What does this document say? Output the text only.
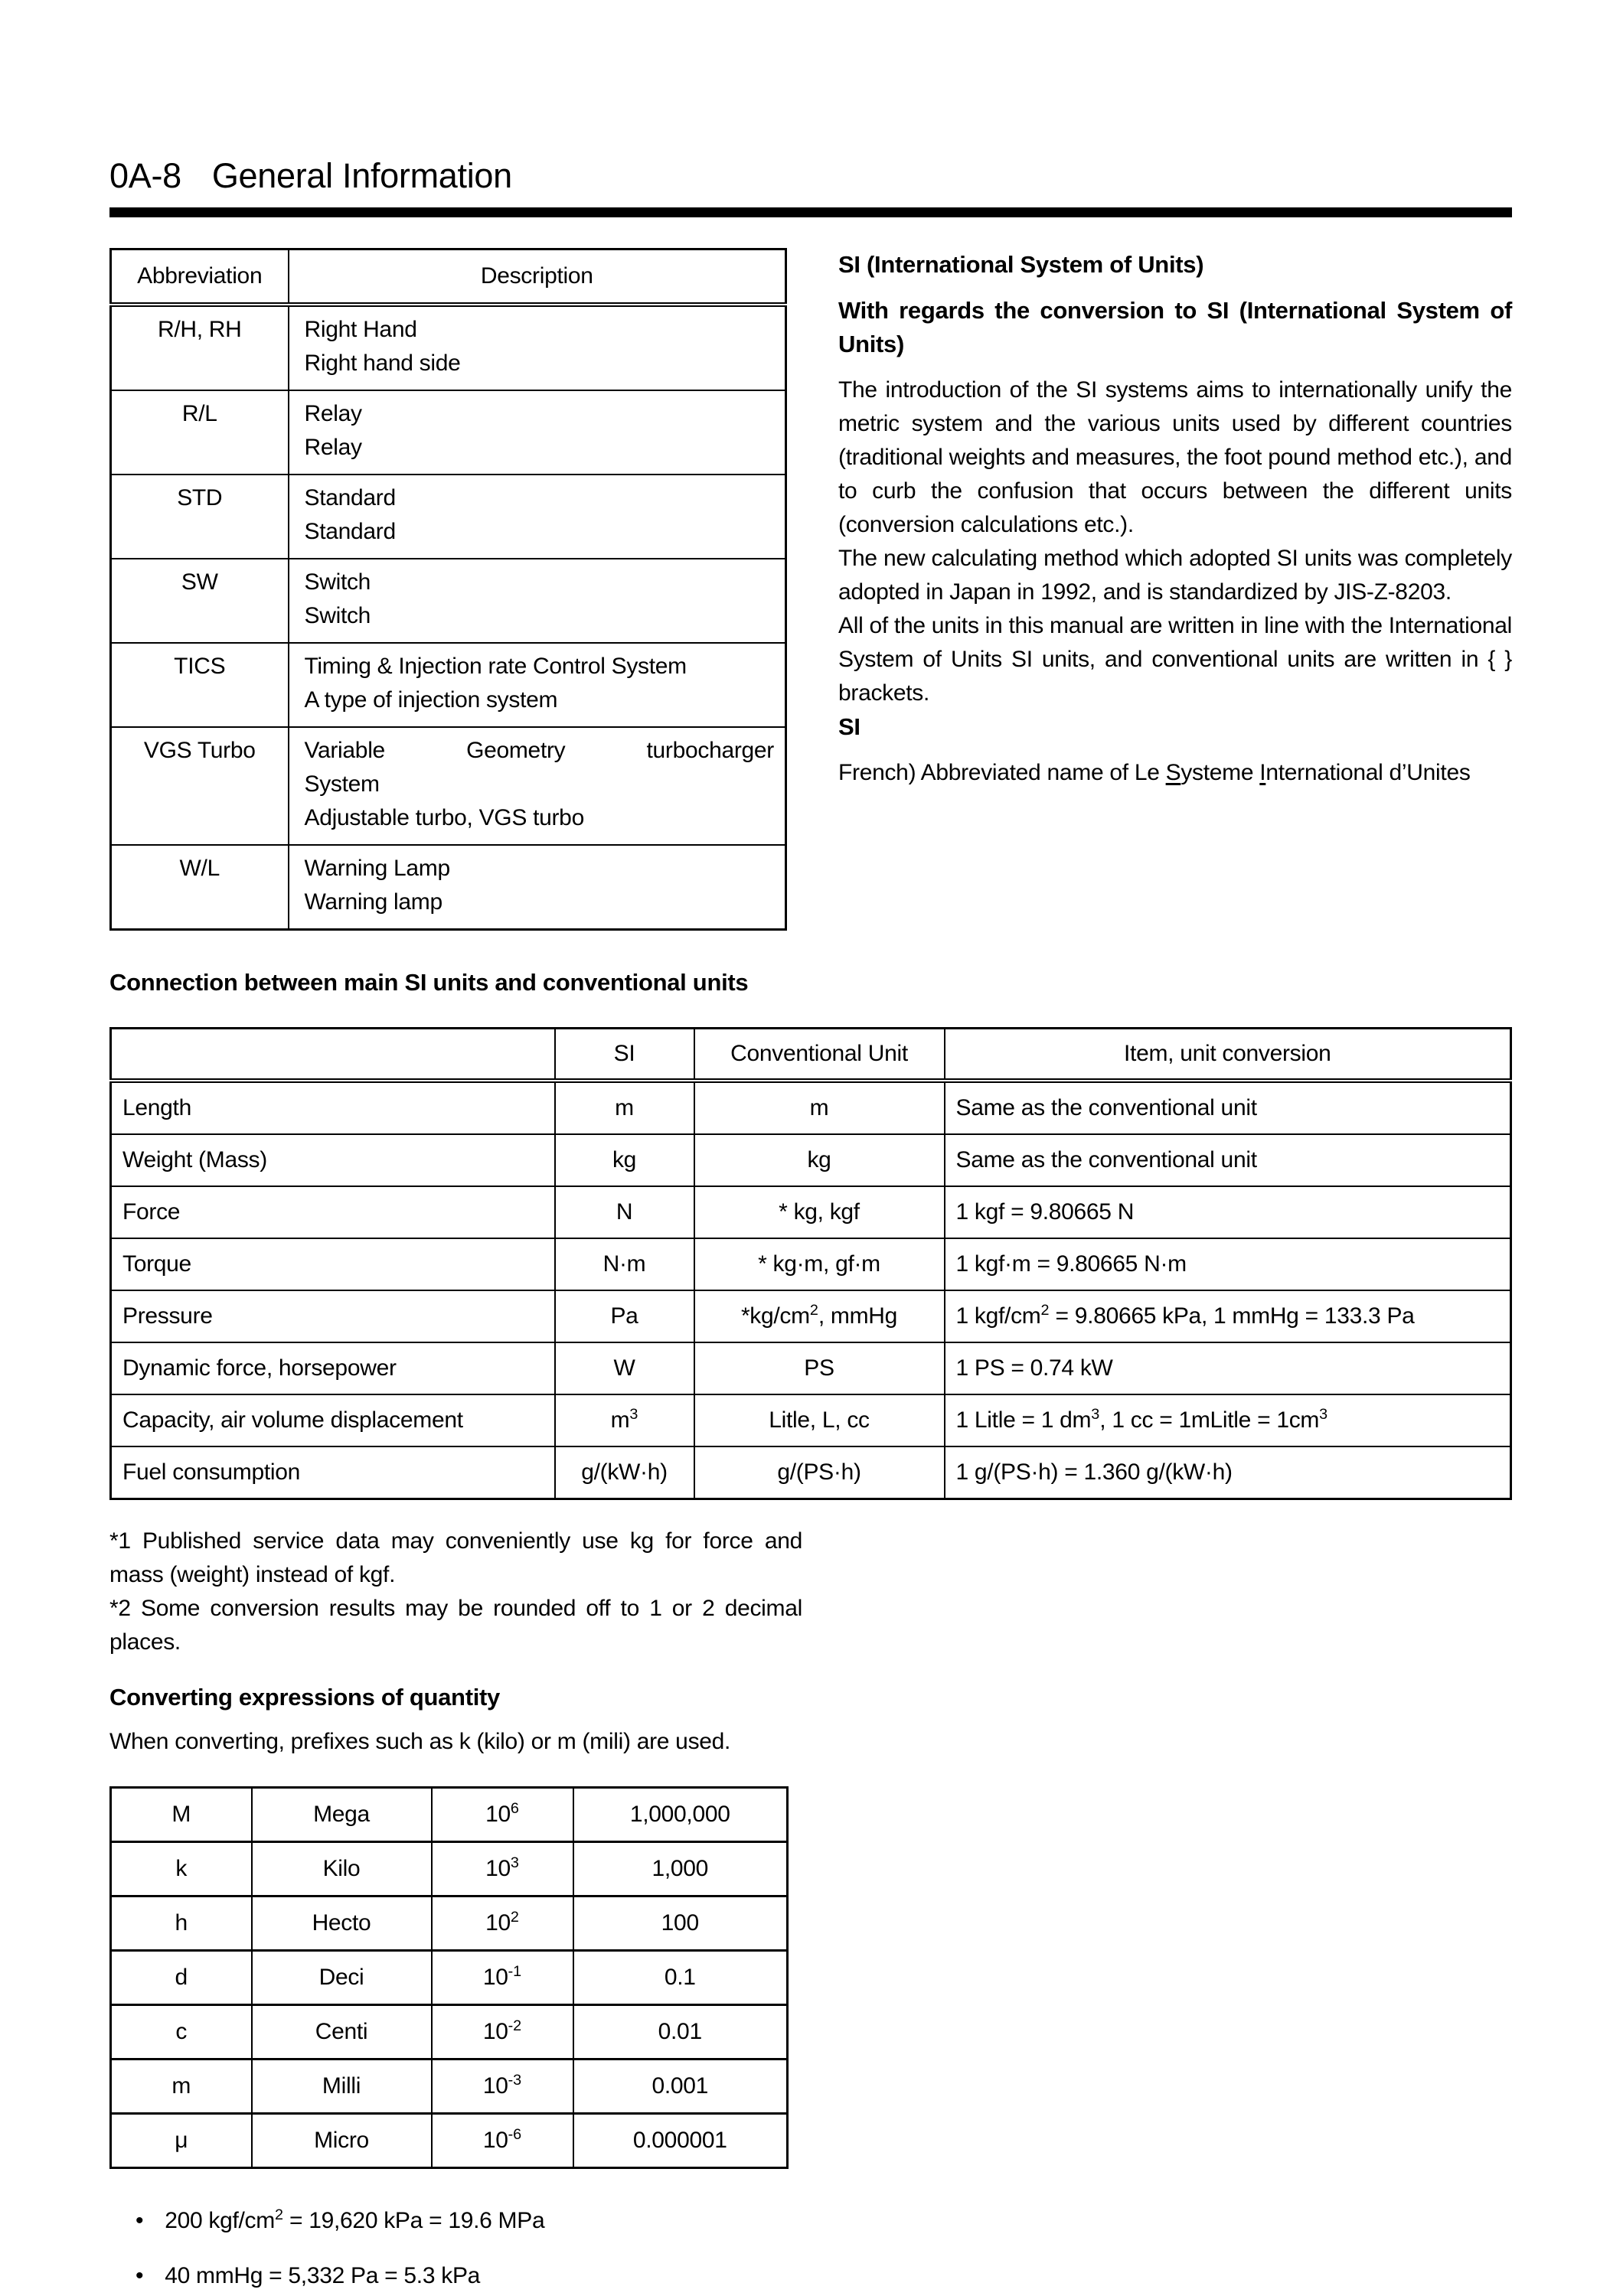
0A-8 General Information
Abbreviation	Description
R/H, RH	Right Hand
Right hand side

R/L	Relay
Relay

STD	Standard
Standard

SW	Switch
Switch

TICS	Timing & Injection rate Control System
A type of injection system

VGS Turbo	Variable Geometry turbocharger
System
Adjustable turbo, VGS turbo

W/L	Warning Lamp
Warning lamp
SI (International System of Units)
With regards the conversion to SI (International System of Units)

The introduction of the SI systems aims to internationally unify the metric system and the various units used by different countries (traditional weights and measures, the foot pound method etc.), and to curb the confusion that occurs between the different units (conversion calculations etc.).

The new calculating method which adopted SI units was completely adopted in Japan in 1992, and is standardized by JIS-Z-8203.

All of the units in this manual are written in line with the International System of Units SI units, and conventional units are written in { } brackets.

SI

French) Abbreviated name of Le Systeme International d’Unites

Connection between main SI units and conventional units
	SI	Conventional Unit	Item, unit conversion
Length	m	m	Same as the conventional unit
Weight (Mass)	kg	kg	Same as the conventional unit
Force	N	* kg, kgf	1 kgf = 9.80665 N
Torque	N·m	* kg·m, gf·m	1 kgf·m = 9.80665 N·m
Pressure	Pa	$*kg/cm^2$, mmHg	1 kgf/$cm^2 = 9.80665$ kPa, 1 mmHg = 133.3 Pa
Dynamic force, horsepower	W	PS	1 PS = 0.74 kW
Capacity, air volume displacement	$m^3$	Litle, L, cc	1 Litle = 1 $dm^3$, 1 cc = 1mLitle = $1cm^3$
Fuel consumption	g/(kW·h)	g/(PS·h)	1 g/(PS·h) = 1.360 g/(kW·h)

*1 Published service data may conveniently use kg for force and mass (weight) instead of kgf.

*2 Some conversion results may be rounded off to 1 or 2 decimal places.

Converting expressions of quantity

When converting, prefixes such as k (kilo) or m (mili) are used.

M	Mega	$10^6$	1,000,000
k	Kilo	$10^3$	1,000
h	Hecto	$10^2$	100
d	Deci	$10^{-1}$	0.1
c	Centi	$10^{-2}$	0.01
m	Milli	$10^{-3}$	0.001
μ	Micro	$10^{-6}$	0.000001
• 200 kgf/$cm^2 = 19,620$ kPa = 19.6 MPa
• 40 mmHg = 5,332 Pa = 5.3 kPa
